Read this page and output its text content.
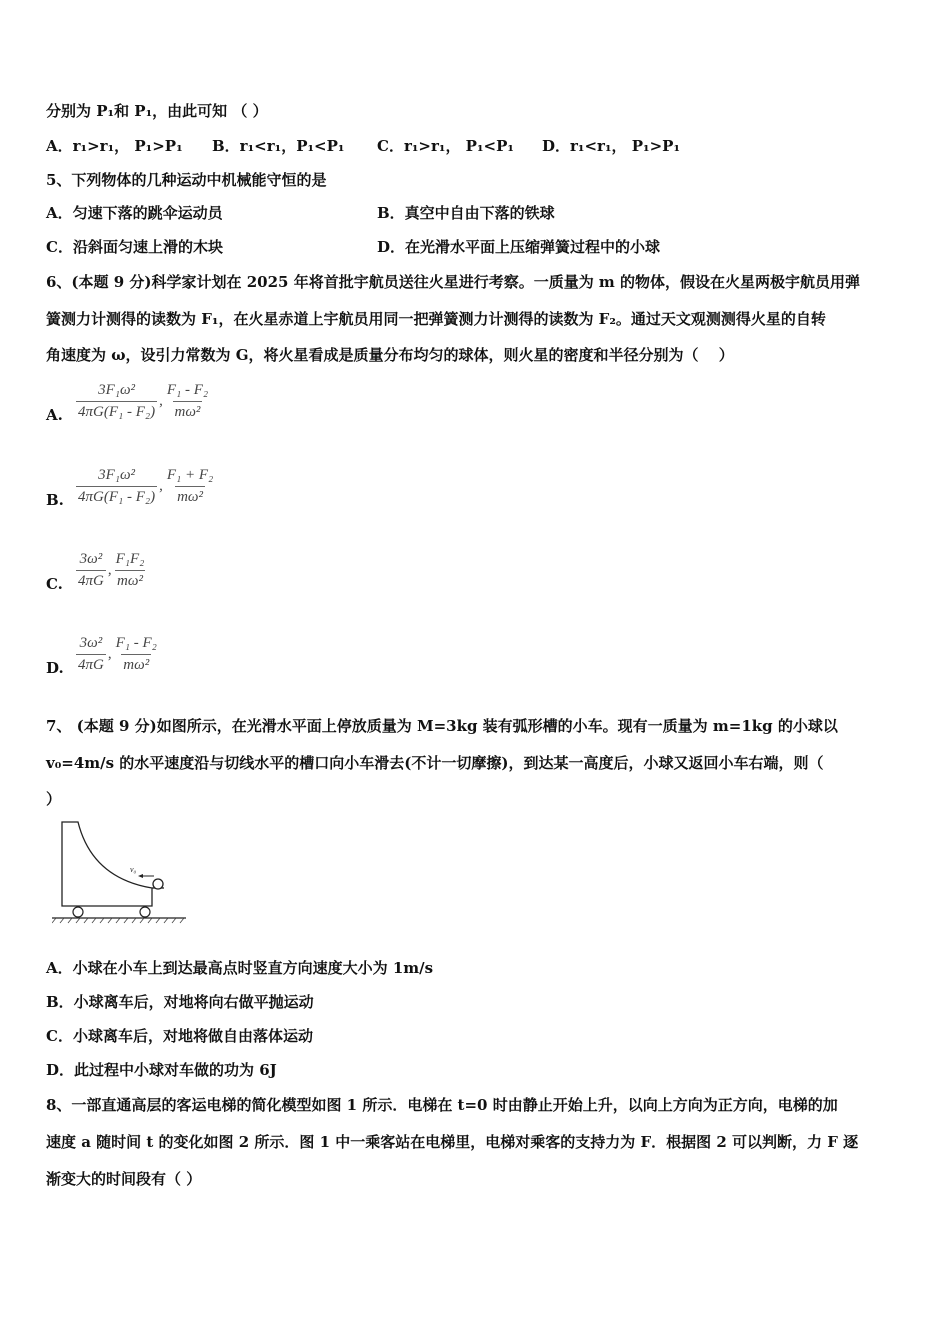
分别为 P₁和 P₁，由此可知 （ ）
A．r₁>r₁， P₁>P₁ B．r₁<r₁，P₁<P₁ C．r₁>r₁， P₁<P₁ D．r₁<r₁， P₁>P₁
5、下列物体的几种运动中机械能守恒的是
A．匀速下落的跳伞运动员	B．真空中自由下落的铁球
C．沿斜面匀速上滑的木块	D．在光滑水平面上压缩弹簧过程中的小球
6、(本题 9 分)科学家计划在 2025 年将首批宇航员送往火星进行考察。一质量为 m 的物体，假设在火星两极宇航员用弹
簧测力计测得的读数为 F₁，在火星赤道上宇航员用同一把弹簧测力计测得的读数为 F₂。通过天文观测测得火星的自转
角速度为 ω，设引力常数为 G，将火星看成是质量分布均匀的球体，则火星的密度和半径分别为（　 ）
A. $\frac{\text{3F₁ω²}}{\text{4πG(F₁ - F₂)}}$ , $\frac{\text{F₁ - F₂}}{\text{mω²}}$
B. $\frac{\text{3F₁ω²}}{\text{4πG(F₁ - F₂)}}$ , $\frac{\text{F₁ + F₂}}{\text{mω²}}$
C. $\frac{\text{3ω²}}{4\pi G}$ , $\frac{\text{F₁F₂}}{\text{mω²}}$
D. $\frac{\text{3ω²}}{4\pi G}$ , $\frac{\text{F₁ - F₂}}{\text{mω²}}$
7、 (本题 9 分)如图所示，在光滑水平面上停放质量为 M=3kg 装有弧形槽的小车。现有一质量为 m=1kg 的小球以
v₀=4m/s 的水平速度沿与切线水平的槽口向小车滑去(不计一切摩擦)，到达某一高度后，小球又返回小车右端，则（
）
v₀
A．小球在小车上到达最高点时竖直方向速度大小为 1m/s
B．小球离车后，对地将向右做平抛运动
C．小球离车后，对地将做自由落体运动
D．此过程中小球对车做的功为 6J
8、一部直通高层的客运电梯的简化模型如图 1 所示．电梯在 t=0 时由静止开始上升，以向上方向为正方向，电梯的加
速度 a 随时间 t 的变化如图 2 所示．图 1 中一乘客站在电梯里，电梯对乘客的支持力为 F．根据图 2 可以判断，力 F 逐
渐变大的时间段有（ ）
